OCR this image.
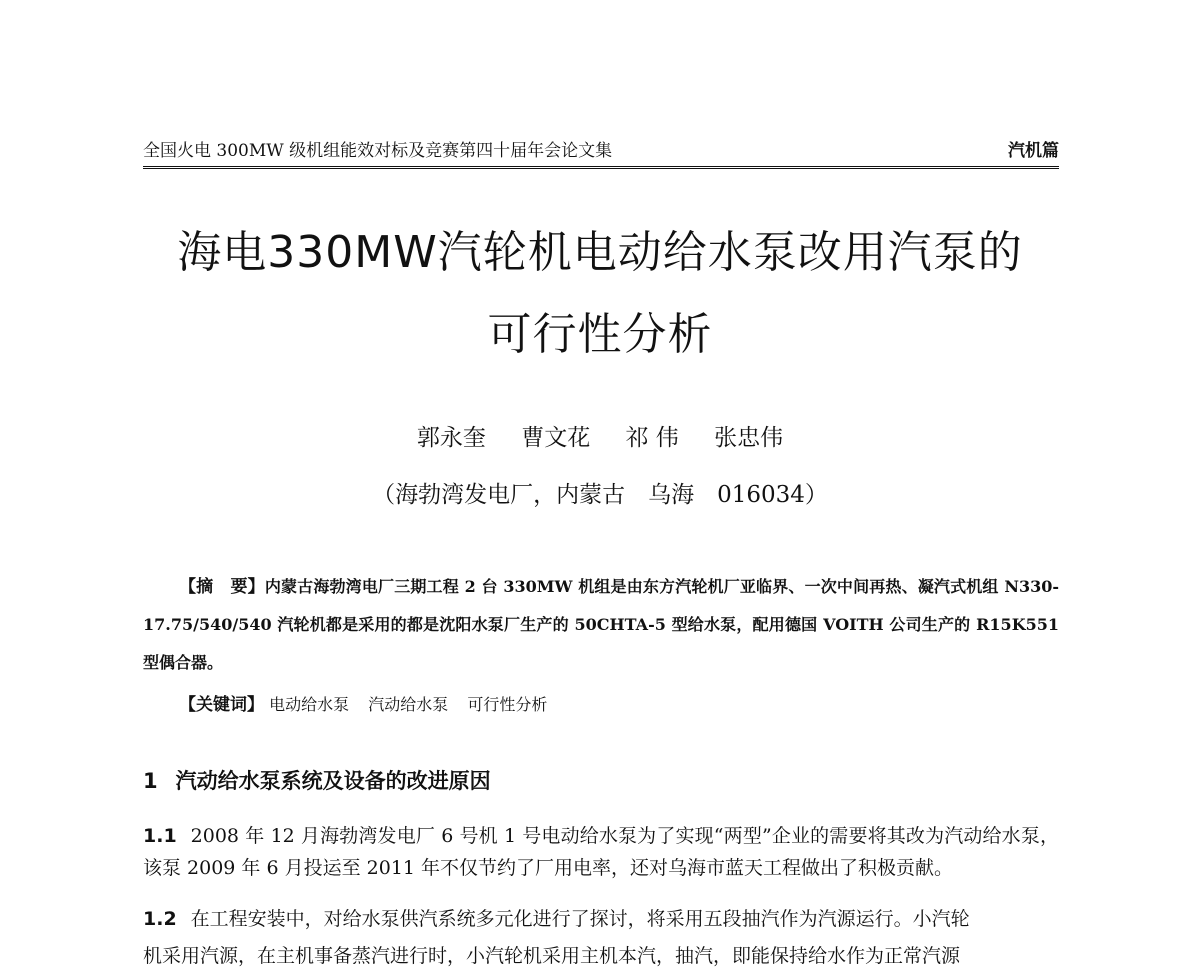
全国火电 300MW 级机组能效对标及竞赛第四十届年会论文集	汽机篇
海电330MW汽轮机电动给水泵改用汽泵的
可行性分析
郭永奎 曹文花 祁 伟 张忠伟
（海勃湾发电厂，内蒙古　乌海　016034）
【摘　要】内蒙古海勃湾电厂三期工程 2 台 330MW 机组是由东方汽轮机厂亚临界、一次中间再热、凝汽式机组 N330-17.75/540/540 汽轮机都是采用的都是沈阳水泵厂生产的 50CHTA-5 型给水泵，配用德国 VOITH 公司生产的 R15K551 型偶合器。
【关键词】 电动给水泵 汽动给水泵 可行性分析
1 汽动给水泵系统及设备的改进原因
1.1 2008 年 12 月海勃湾发电厂 6 号机 1 号电动给水泵为了实现“两型”企业的需要将其改为汽动给水泵，该泵 2009 年 6 月投运至 2011 年不仅节约了厂用电率，还对乌海市蓝天工程做出了积极贡献。
1.2 在工程安装中，对给水泵供汽系统多元化进行了探讨，将采用五段抽汽作为汽源运行。小汽轮
机采用汽源，在主机事备蒸汽进行时，小汽轮机采用主机本汽，抽汽，即能保持给水作为正常汽源
